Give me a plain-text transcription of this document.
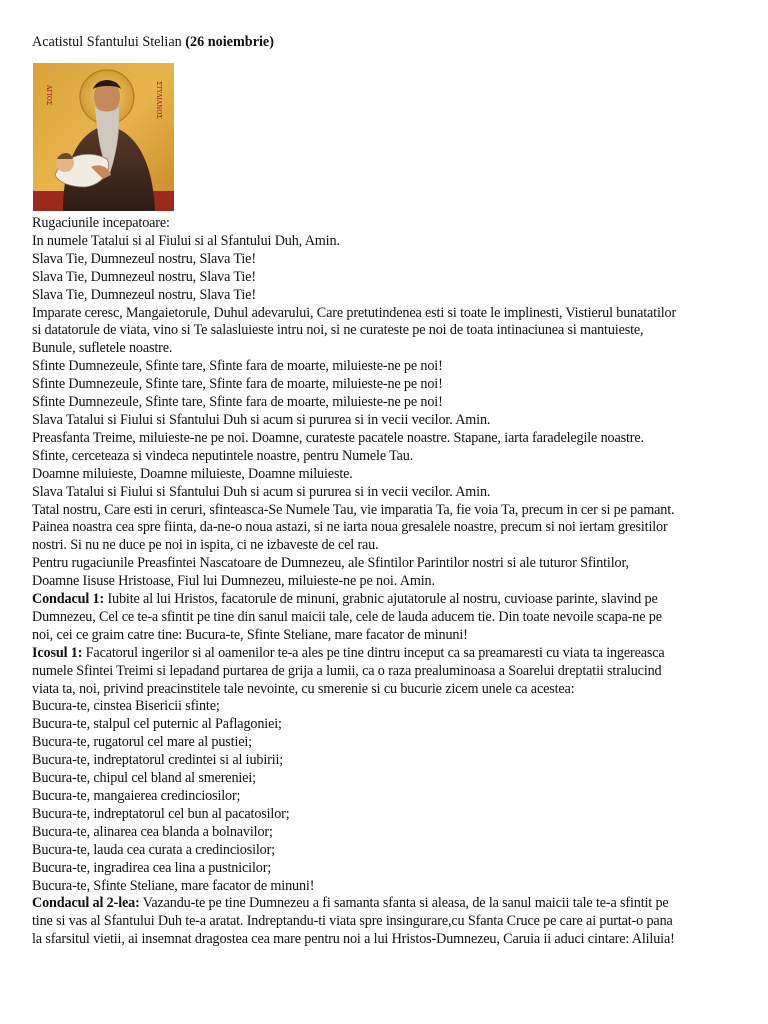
Acatistul Sfantului Stelian (26 noiembrie)
ΑΓΙΟΣ	ΣΤΥΛΙΑΝΟΣ
Rugaciunile incepatoare:
In numele Tatalui si al Fiului si al Sfantului Duh, Amin.
Slava Tie, Dumnezeul nostru, Slava Tie!
Slava Tie, Dumnezeul nostru, Slava Tie!
Slava Tie, Dumnezeul nostru, Slava Tie!
Imparate ceresc, Mangaietorule, Duhul adevarului, Care pretutindenea esti si toate le implinesti, Vistierul bunatatilor
si datatorule de viata, vino si Te salasluieste intru noi, si ne curateste pe noi de toata intinaciunea si mantuieste,
Bunule, sufletele noastre.
Sfinte Dumnezeule, Sfinte tare, Sfinte fara de moarte, miluieste-ne pe noi!
Sfinte Dumnezeule, Sfinte tare, Sfinte fara de moarte, miluieste-ne pe noi!
Sfinte Dumnezeule, Sfinte tare, Sfinte fara de moarte, miluieste-ne pe noi!
Slava Tatalui si Fiului si Sfantului Duh si acum si pururea si in vecii vecilor. Amin.
Preasfanta Treime, miluieste-ne pe noi. Doamne, curateste pacatele noastre. Stapane, iarta faradelegile noastre.
Sfinte, cerceteaza si vindeca neputintele noastre, pentru Numele Tau.
Doamne miluieste, Doamne miluieste, Doamne miluieste.
Slava Tatalui si Fiului si Sfantului Duh si acum si pururea si in vecii vecilor. Amin.
Tatal nostru, Care esti in ceruri, sfinteasca-Se Numele Tau, vie imparatia Ta, fie voia Ta, precum in cer si pe pamant.
Painea noastra cea spre fiinta, da-ne-o noua astazi, si ne iarta noua gresalele noastre, precum si noi iertam gresitilor
nostri. Si nu ne duce pe noi in ispita, ci ne izbaveste de cel rau.
Pentru rugaciunile Preasfintei Nascatoare de Dumnezeu, ale Sfintilor Parintilor nostri si ale tuturor Sfintilor,
Doamne Iisuse Hristoase, Fiul lui Dumnezeu, miluieste-ne pe noi. Amin.
Condacul 1: Iubite al lui Hristos, facatorule de minuni, grabnic ajutatorule al nostru, cuvioase parinte, slavind pe
Dumnezeu, Cel ce te-a sfintit pe tine din sanul maicii tale, cele de lauda aducem tie. Din toate nevoile scapa-ne pe
noi, cei ce graim catre tine: Bucura-te, Sfinte Steliane, mare facator de minuni!
Icosul 1: Facatorul ingerilor si al oamenilor te-a ales pe tine dintru inceput ca sa preamaresti cu viata ta ingereasca
numele Sfintei Treimi si lepadand purtarea de grija a lumii, ca o raza prealuminoasa a Soarelui dreptatii stralucind
viata ta, noi, privind preacinstitele tale nevointe, cu smerenie si cu bucurie zicem unele ca acestea:
Bucura-te, cinstea Bisericii sfinte;
Bucura-te, stalpul cel puternic al Paflagoniei;
Bucura-te, rugatorul cel mare al pustiei;
Bucura-te, indreptatorul credintei si al iubirii;
Bucura-te, chipul cel bland al smereniei;
Bucura-te, mangaierea credinciosilor;
Bucura-te, indreptatorul cel bun al pacatosilor;
Bucura-te, alinarea cea blanda a bolnavilor;
Bucura-te, lauda cea curata a credinciosilor;
Bucura-te, ingradirea cea lina a pustnicilor;
Bucura-te, Sfinte Steliane, mare facator de minuni!
Condacul al 2-lea: Vazandu-te pe tine Dumnezeu a fi samanta sfanta si aleasa, de la sanul maicii tale te-a sfintit pe
tine si vas al Sfantului Duh te-a aratat. Indreptandu-ti viata spre insingurare,cu Sfanta Cruce pe care ai purtat-o pana
la sfarsitul vietii, ai insemnat dragostea cea mare pentru noi a lui Hristos-Dumnezeu, Caruia ii aduci cintare: Aliluia!
